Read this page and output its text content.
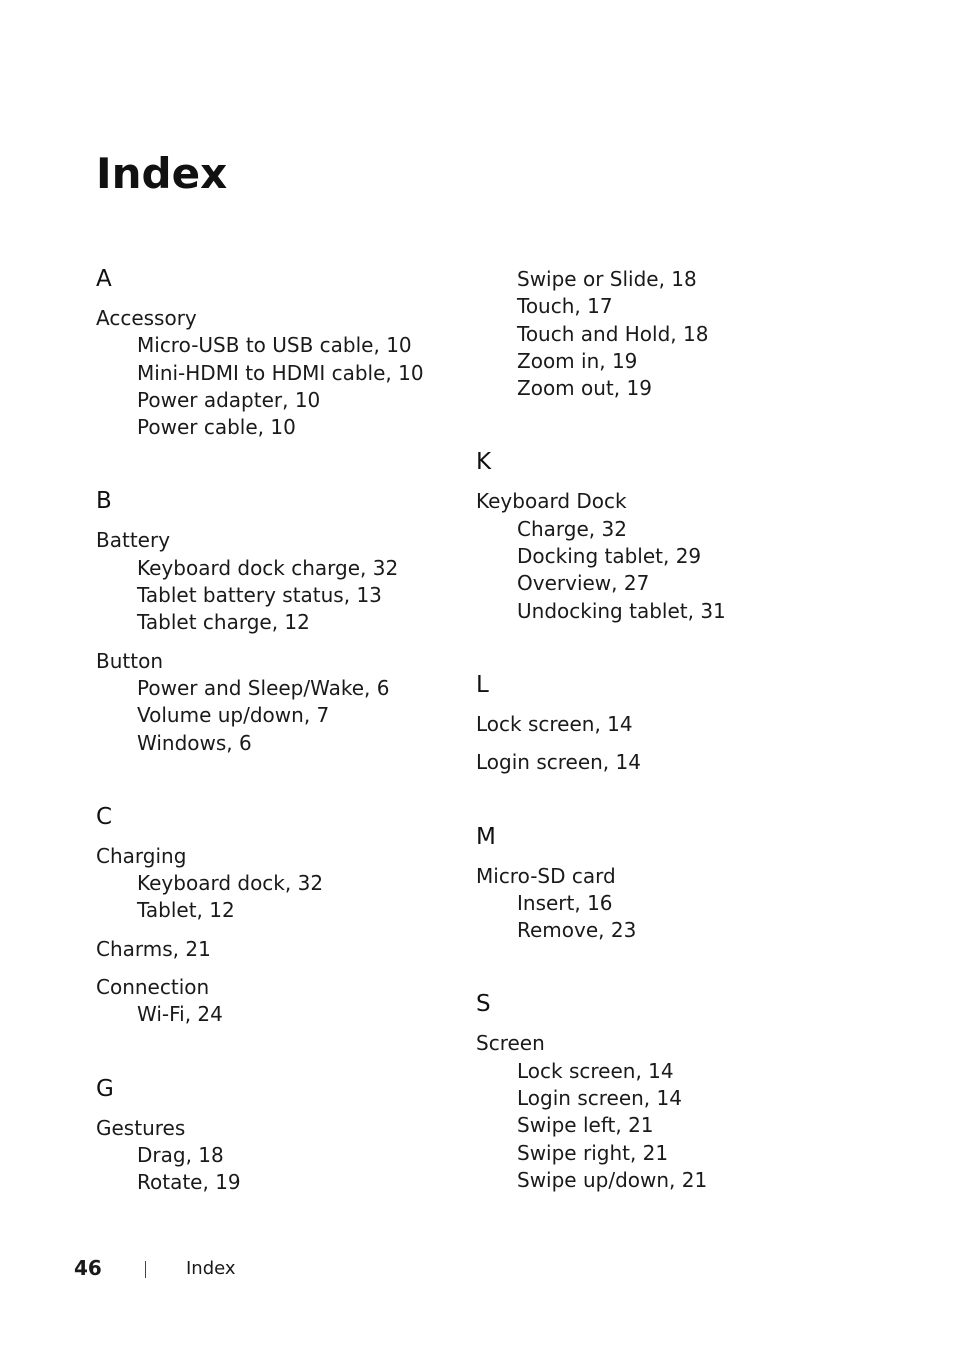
Index
A
Accessory
Micro-USB to USB cable, 10
Mini-HDMI to HDMI cable, 10
Power adapter, 10
Power cable, 10
B
Battery
Keyboard dock charge, 32
Tablet battery status, 13
Tablet charge, 12
Button
Power and Sleep/Wake, 6
Volume up/down, 7
Windows, 6
C
Charging
Keyboard dock, 32
Tablet, 12
Charms, 21
Connection
Wi-Fi, 24
G
Gestures
Drag, 18
Rotate, 19
Swipe or Slide, 18
Touch, 17
Touch and Hold, 18
Zoom in, 19
Zoom out, 19
K
Keyboard Dock
Charge, 32
Docking tablet, 29
Overview, 27
Undocking tablet, 31
L
Lock screen, 14
Login screen, 14
M
Micro-SD card
Insert, 16
Remove, 23
S
Screen
Lock screen, 14
Login screen, 14
Swipe left, 21
Swipe right, 21
Swipe up/down, 21
46	Index
